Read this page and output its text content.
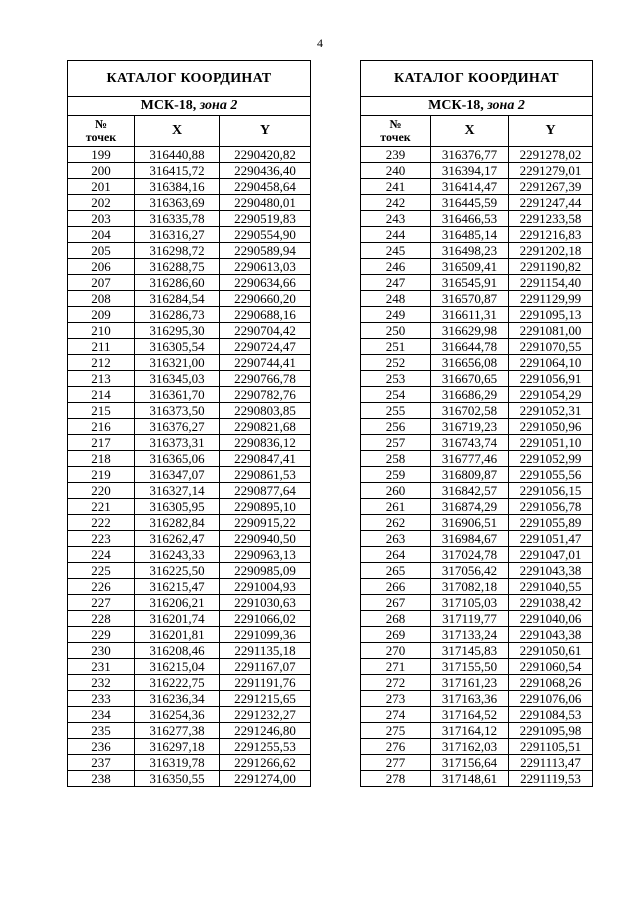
4
КАТАЛОГ КООРДИНАТ		
МСК-18, зона 2		
№
точек	X	Y
199	316440,88	2290420,82
200	316415,72	2290436,40
201	316384,16	2290458,64
202	316363,69	2290480,01
203	316335,78	2290519,83
204	316316,27	2290554,90
205	316298,72	2290589,94
206	316288,75	2290613,03
207	316286,60	2290634,66
208	316284,54	2290660,20
209	316286,73	2290688,16
210	316295,30	2290704,42
211	316305,54	2290724,47
212	316321,00	2290744,41
213	316345,03	2290766,78
214	316361,70	2290782,76
215	316373,50	2290803,85
216	316376,27	2290821,68
217	316373,31	2290836,12
218	316365,06	2290847,41
219	316347,07	2290861,53
220	316327,14	2290877,64
221	316305,95	2290895,10
222	316282,84	2290915,22
223	316262,47	2290940,50
224	316243,33	2290963,13
225	316225,50	2290985,09
226	316215,47	2291004,93
227	316206,21	2291030,63
228	316201,74	2291066,02
229	316201,81	2291099,36
230	316208,46	2291135,18
231	316215,04	2291167,07
232	316222,75	2291191,76
233	316236,34	2291215,65
234	316254,36	2291232,27
235	316277,38	2291246,80
236	316297,18	2291255,53
237	316319,78	2291266,62
238	316350,55	2291274,00
КАТАЛОГ КООРДИНАТ		
МСК-18, зона 2		
№
точек	X	Y
239	316376,77	2291278,02
240	316394,17	2291279,01
241	316414,47	2291267,39
242	316445,59	2291247,44
243	316466,53	2291233,58
244	316485,14	2291216,83
245	316498,23	2291202,18
246	316509,41	2291190,82
247	316545,91	2291154,40
248	316570,87	2291129,99
249	316611,31	2291095,13
250	316629,98	2291081,00
251	316644,78	2291070,55
252	316656,08	2291064,10
253	316670,65	2291056,91
254	316686,29	2291054,29
255	316702,58	2291052,31
256	316719,23	2291050,96
257	316743,74	2291051,10
258	316777,46	2291052,99
259	316809,87	2291055,56
260	316842,57	2291056,15
261	316874,29	2291056,78
262	316906,51	2291055,89
263	316984,67	2291051,47
264	317024,78	2291047,01
265	317056,42	2291043,38
266	317082,18	2291040,55
267	317105,03	2291038,42
268	317119,77	2291040,06
269	317133,24	2291043,38
270	317145,83	2291050,61
271	317155,50	2291060,54
272	317161,23	2291068,26
273	317163,36	2291076,06
274	317164,52	2291084,53
275	317164,12	2291095,98
276	317162,03	2291105,51
277	317156,64	2291113,47
278	317148,61	2291119,53
